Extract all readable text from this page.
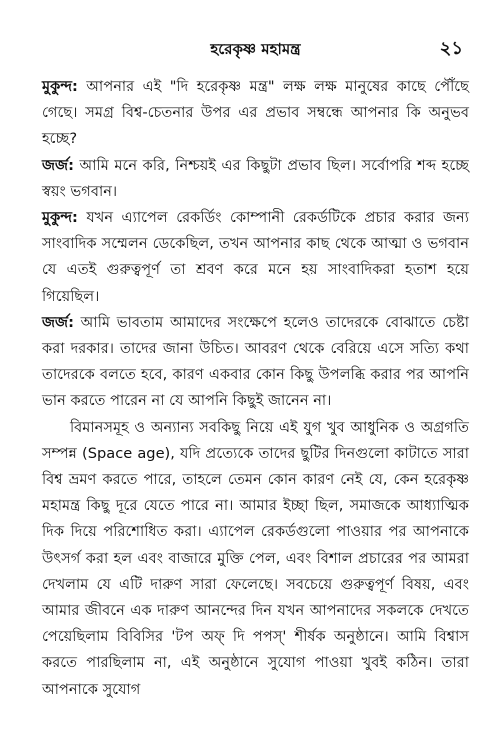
হরেকৃষ্ণ মহামন্ত্র	২১

মুকুন্দ: আপনার এই "দি হরেকৃষ্ণ মন্ত্র" লক্ষ লক্ষ মানুষের কাছে পৌঁছে গেছে। সমগ্র বিশ্ব-চেতনার উপর এর প্রভাব সম্বন্ধে আপনার কি অনুভব হচ্ছে?

জর্জ: আমি মনে করি, নিশ্চয়ই এর কিছুটা প্রভাব ছিল। সর্বোপরি শব্দ হচ্ছে স্বয়ং ভগবান।

মুকুন্দ: যখন এ্যাপেল রেকর্ডিং কোম্পানী রেকর্ডটিকে প্রচার করার জন্য সাংবাদিক সম্মেলন ডেকেছিল, তখন আপনার কাছ থেকে আত্মা ও ভগবান যে এতই গুরুত্বপূর্ণ তা শ্রবণ করে মনে হয় সাংবাদিকরা হতাশ হয়ে গিয়েছিল।

জর্জ: আমি ভাবতাম আমাদের সংক্ষেপে হলেও তাদেরকে বোঝাতে চেষ্টা করা দরকার। তাদের জানা উচিত। আবরণ থেকে বেরিয়ে এসে সত্যি কথা তাদেরকে বলতে হবে, কারণ একবার কোন কিছু উপলব্ধি করার পর আপনি ভান করতে পারেন না যে আপনি কিছুই জানেন না।

বিমানসমূহ ও অন্যান্য সবকিছু নিয়ে এই যুগ খুব আধুনিক ও অগ্রগতি সম্পন্ন (Space age), যদি প্রত্যেকে তাদের ছুটির দিনগুলো কাটাতে সারা বিশ্ব ভ্রমণ করতে পারে, তাহলে তেমন কোন কারণ নেই যে, কেন হরেকৃষ্ণ মহামন্ত্র কিছু দূরে যেতে পারে না। আমার ইচ্ছা ছিল, সমাজকে আধ্যাত্মিক দিক দিয়ে পরিশোধিত করা। এ্যাপেল রেকর্ডগুলো পাওয়ার পর আপনাকে উৎসর্গ করা হল এবং বাজারে মুক্তি পেল, এবং বিশাল প্রচারের পর আমরা দেখলাম যে এটি দারুণ সারা ফেলেছে। সবচেয়ে গুরুত্বপূর্ণ বিষয়, এবং আমার জীবনে এক দারুণ আনন্দের দিন যখন আপনাদের সকলকে দেখতে পেয়েছিলাম বিবিসির 'টপ অফ্ দি পপস্' শীর্ষক অনুষ্ঠানে। আমি বিশ্বাস করতে পারছিলাম না, এই অনুষ্ঠানে সুযোগ পাওয়া খুবই কঠিন। তারা আপনাকে সুযোগ
